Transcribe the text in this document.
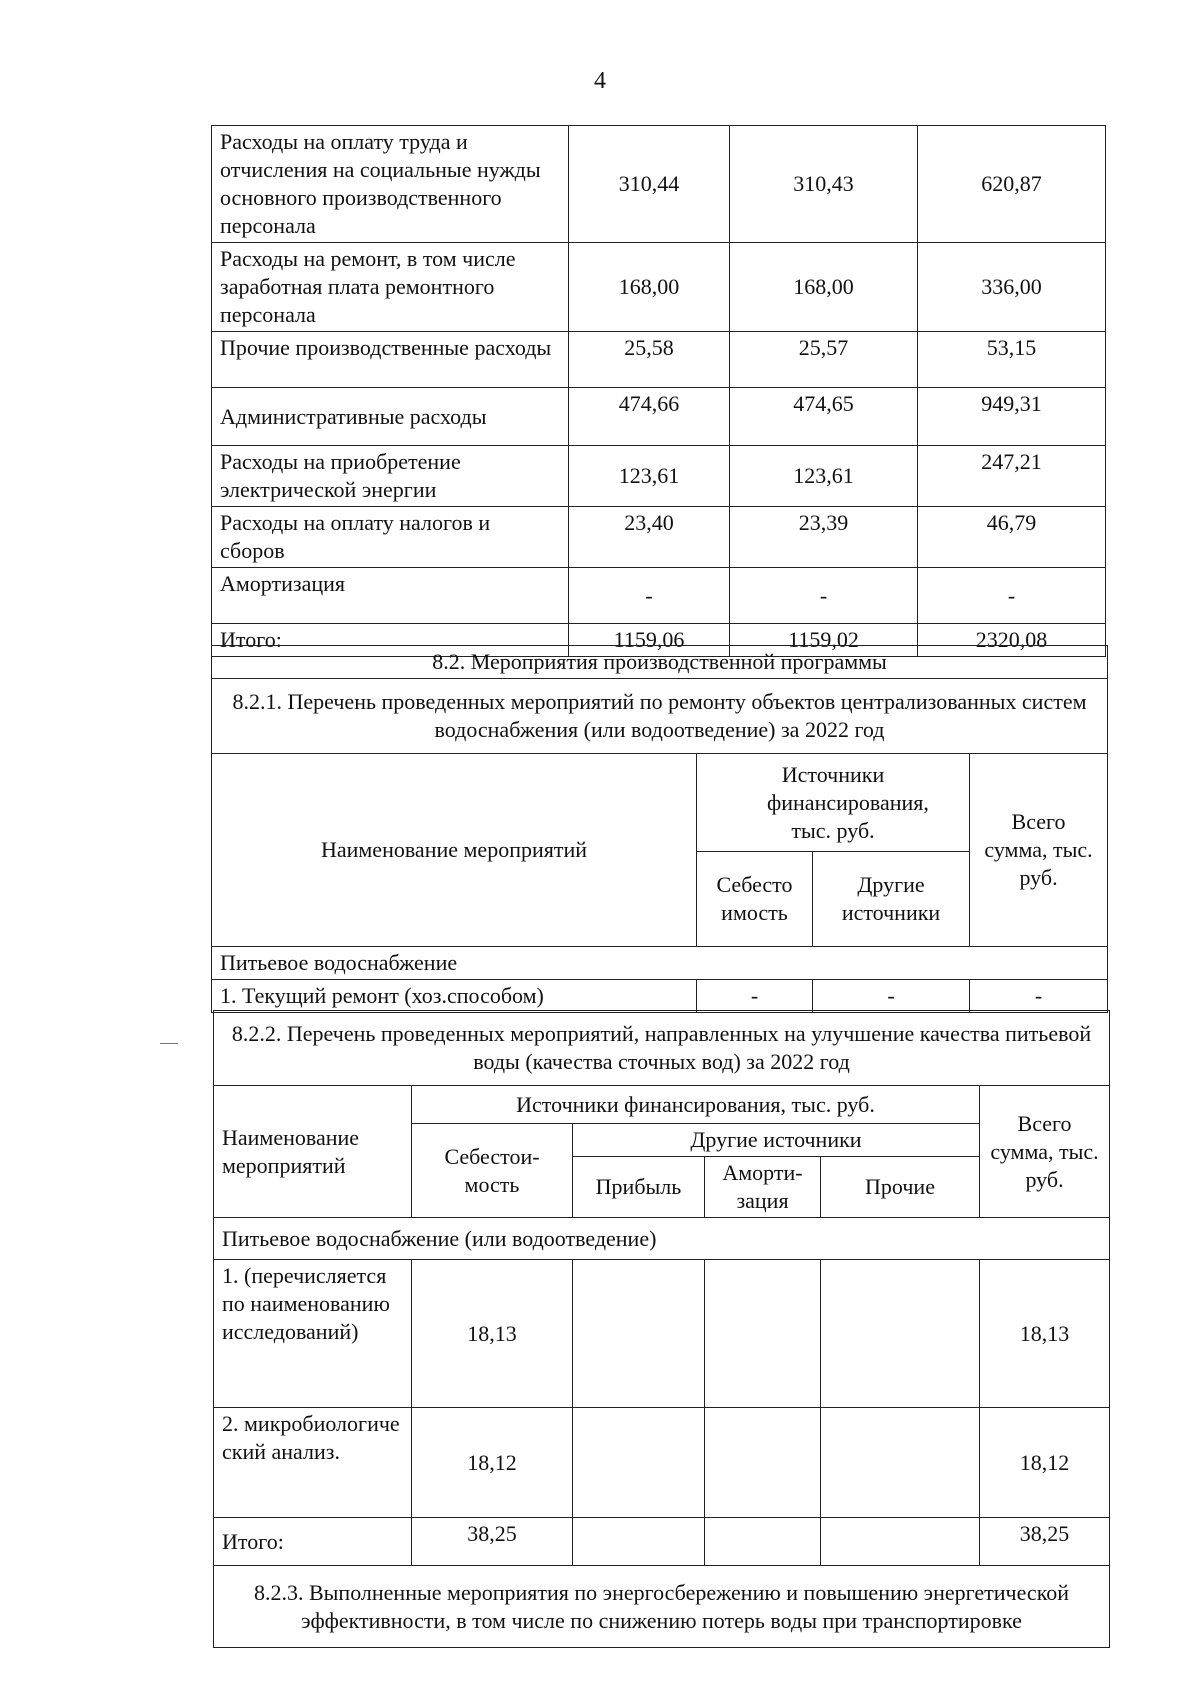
4
Расходы на оплату труда и отчисления на социальные нужды основного производственного персонала	310,44	310,43	620,87
Расходы на ремонт, в том числе заработная плата ремонтного персонала	168,00	168,00	336,00
Прочие производственные расходы	25,58	25,57	53,15
Административные расходы	474,66	474,65	949,31
Расходы на приобретение электрической энергии	123,61	123,61	247,21
Расходы на оплату налогов и сборов	23,40	23,39	46,79
Амортизация	-	-	-
Итого:	1159,06	1159,02	2320,08
8.2. Мероприятия производственной программы			
8.2.1. Перечень проведенных мероприятий по ремонту объектов централизованных систем водоснабжения (или водоотведение) за 2022 год			
Наименование мероприятий	Источники финансирования, тыс. руб.		Всего сумма, тыс. руб.
	Себесто имость	Другие источники	
Питьевое водоснабжение			
1. Текущий ремонт (хоз.способом)	-	-	-
8.2.2. Перечень проведенных мероприятий, направленных на улучшение качества питьевой воды (качества сточных вод) за 2022 год					
Наименование мероприятий	Источники финансирования, тыс. руб.				Всего сумма, тыс. руб.
	Себестои- мость	Другие источники			
		Прибыль	Аморти- зация	Прочие	
Питьевое водоснабжение (или водоотведение)					
1. (перечисляется по наименованию исследований)	18,13				18,13
2. микробиологиче ский анализ.	18,12				18,12
Итого:	38,25				38,25
8.2.3. Выполненные мероприятия по энергосбережению и повышению энергетической эффективности, в том числе по снижению потерь воды при транспортировке					
